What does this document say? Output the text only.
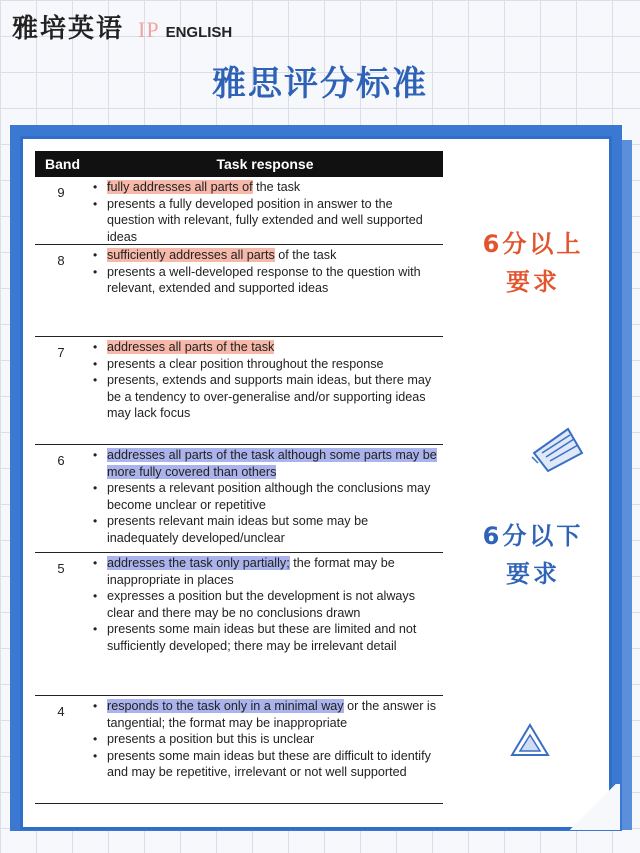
雅培英语 IP ENGLISH
雅思评分标准
Band	Task response
9	• fully addresses all parts of the task
• presents a fully developed position in answer to the question with relevant, fully extended and well supported ideas
8	• sufficiently addresses all parts of the task
• presents a well-developed response to the question with relevant, extended and supported ideas
7	• addresses all parts of the task
• presents a clear position throughout the response
• presents, extends and supports main ideas, but there may be a tendency to over-generalise and/or supporting ideas may lack focus
6	• addresses all parts of the task although some parts may be more fully covered than others
• presents a relevant position although the conclusions may become unclear or repetitive
• presents relevant main ideas but some may be inadequately developed/unclear
5	• addresses the task only partially; the format may be inappropriate in places
• expresses a position but the development is not always clear and there may be no conclusions drawn
• presents some main ideas but these are limited and not sufficiently developed; there may be irrelevant detail
4	• responds to the task only in a minimal way or the answer is tangential; the format may be inappropriate
• presents a position but this is unclear
• presents some main ideas but these are difficult to identify and may be repetitive, irrelevant or not well supported
6分以上
要求
6分以下
要求
